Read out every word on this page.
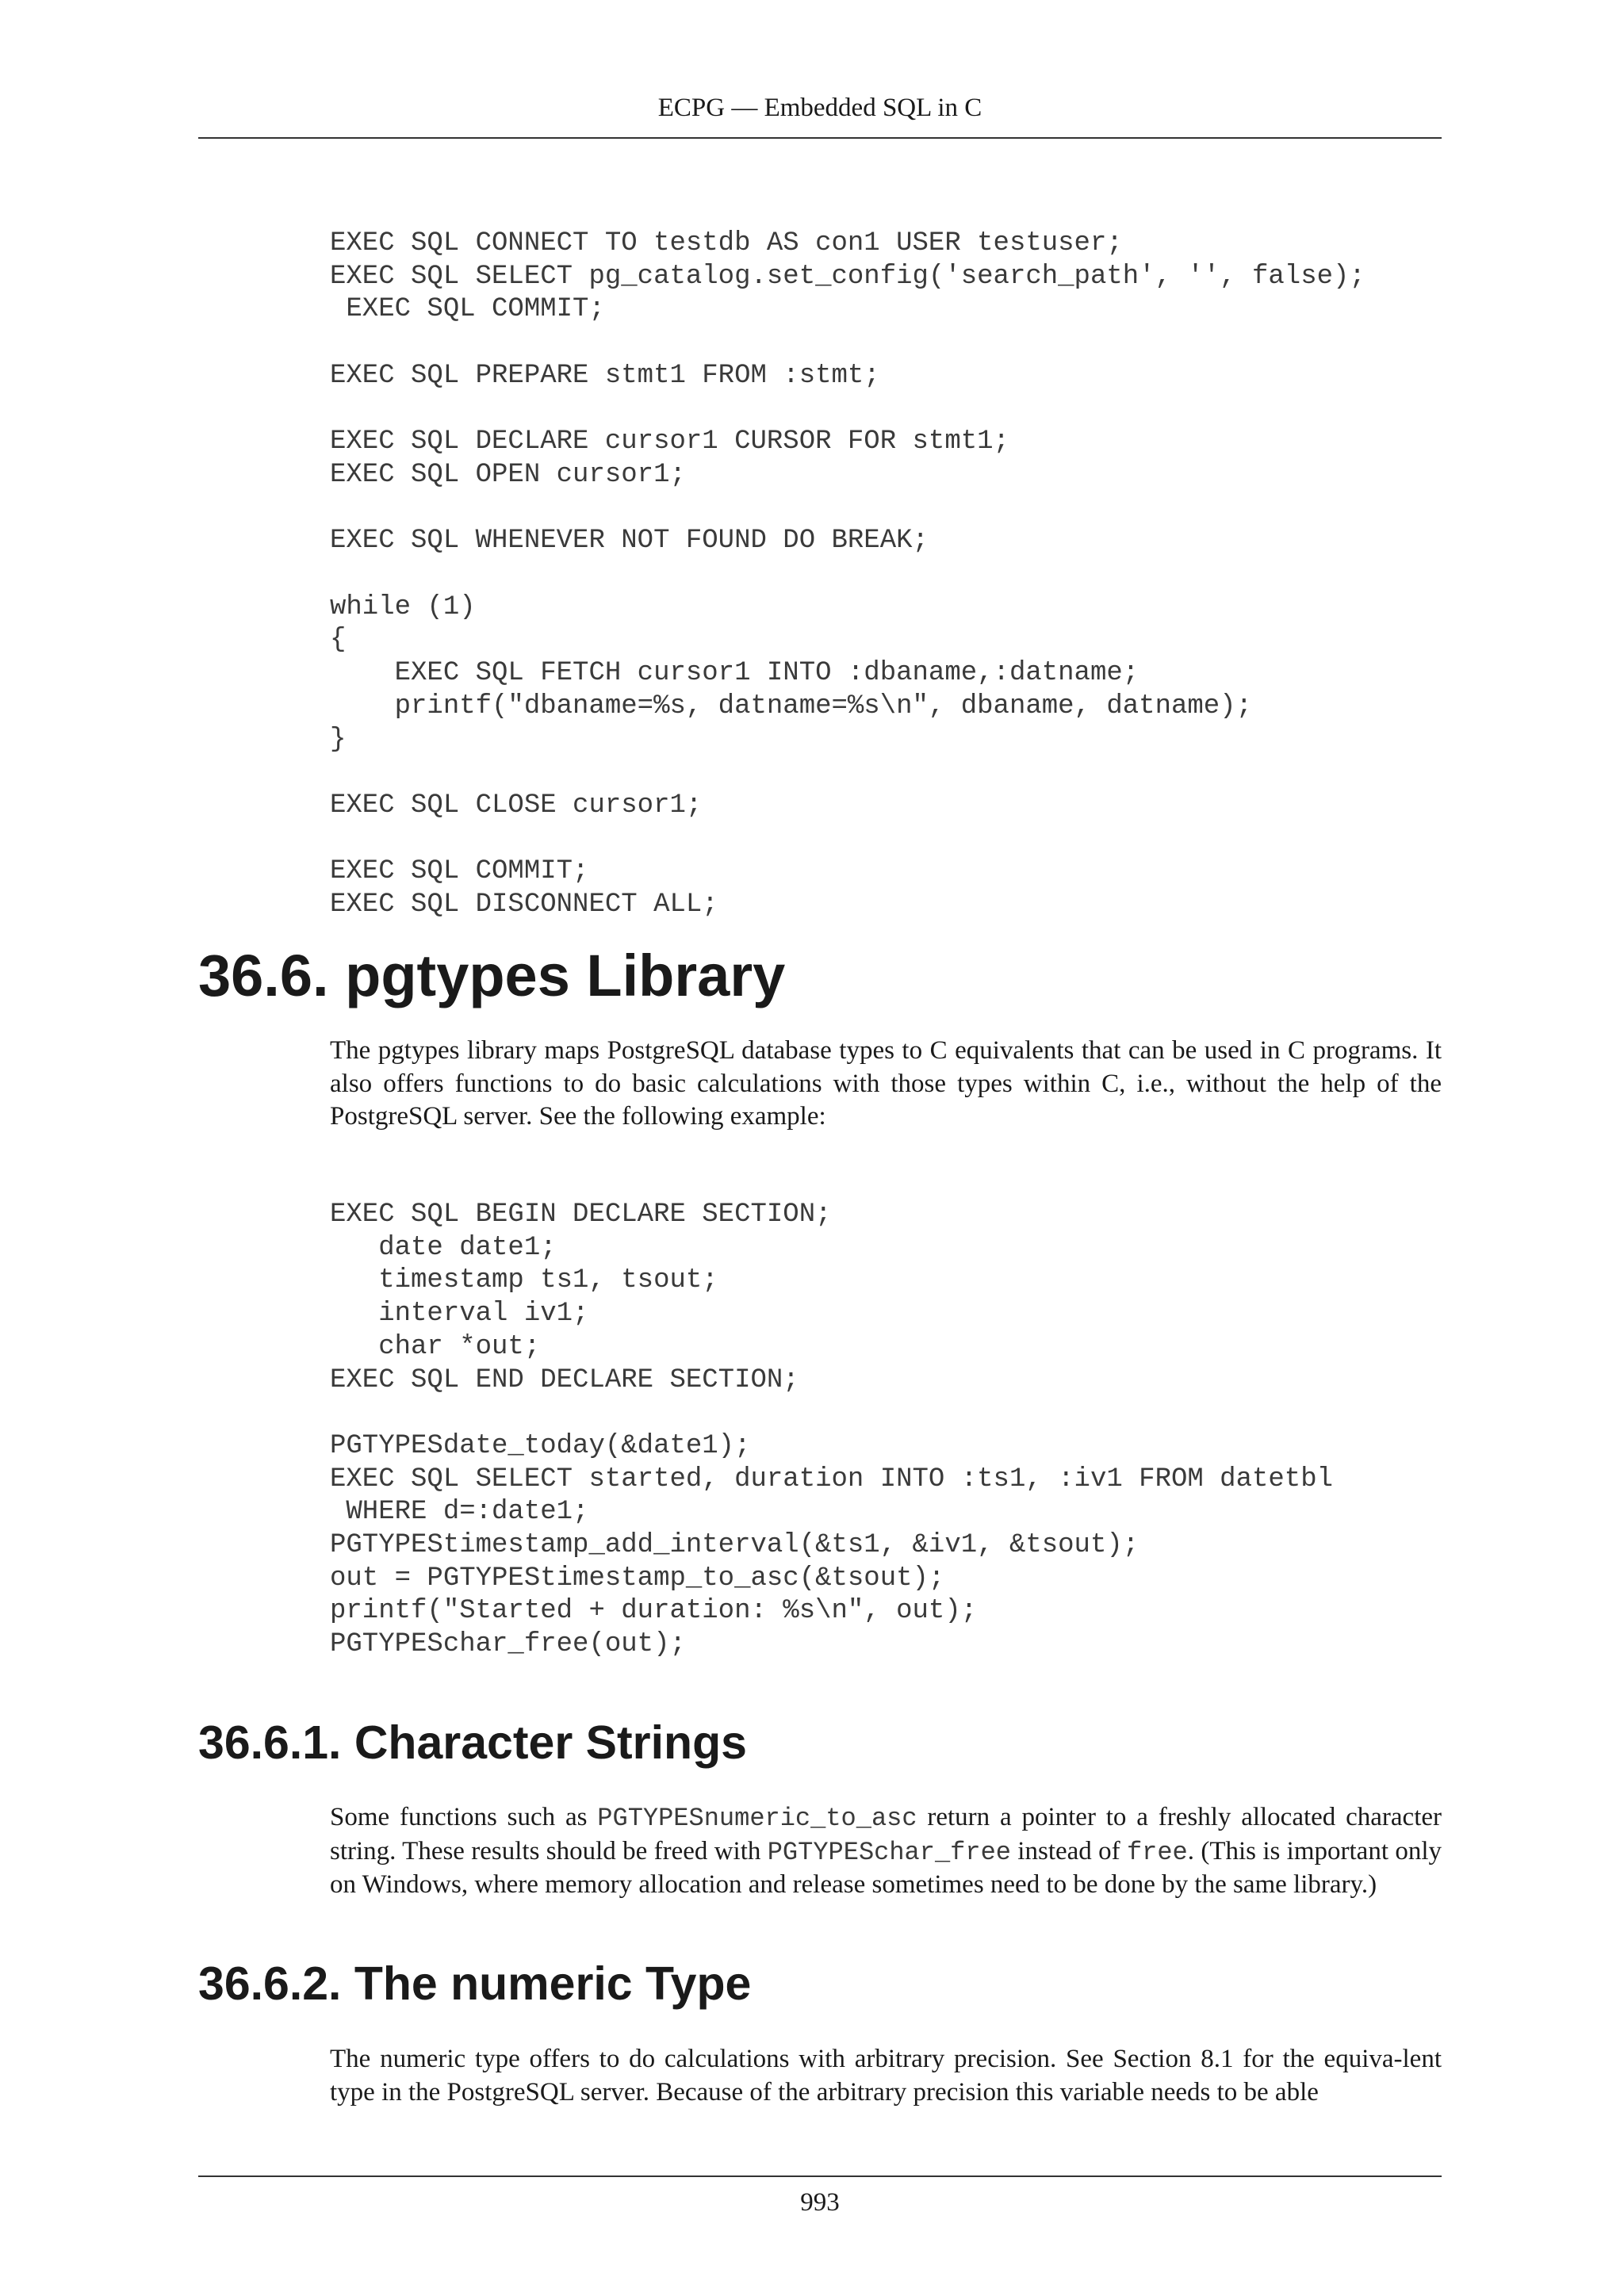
ECPG — Embedded SQL in C
EXEC SQL CONNECT TO testdb AS con1 USER testuser;
EXEC SQL SELECT pg_catalog.set_config('search_path', '', false);
EXEC SQL COMMIT;

EXEC SQL PREPARE stmt1 FROM :stmt;

EXEC SQL DECLARE cursor1 CURSOR FOR stmt1;
EXEC SQL OPEN cursor1;

EXEC SQL WHENEVER NOT FOUND DO BREAK;

while (1)
{
EXEC SQL FETCH cursor1 INTO :dbaname,:datname;
printf("dbaname=%s, datname=%s\n", dbaname, datname);
}

EXEC SQL CLOSE cursor1;

EXEC SQL COMMIT;
EXEC SQL DISCONNECT ALL;
36.6. pgtypes Library

The pgtypes library maps PostgreSQL database types to C equivalents that can be used in C programs. It also offers functions to do basic calculations with those types within C, i.e., without the help of the PostgreSQL server. See the following example:

EXEC SQL BEGIN DECLARE SECTION;
date date1;
timestamp ts1, tsout;
interval iv1;
char *out;
EXEC SQL END DECLARE SECTION;

PGTYPESdate_today(&date1);
EXEC SQL SELECT started, duration INTO :ts1, :iv1 FROM datetbl
WHERE d=:date1;
PGTYPEStimestamp_add_interval(&ts1, &iv1, &tsout);
out = PGTYPEStimestamp_to_asc(&tsout);
printf("Started + duration: %s\n", out);
PGTYPESchar_free(out);
36.6.1. Character Strings

Some functions such as PGTYPESnumeric_to_asc return a pointer to a freshly allocated character string. These results should be freed with PGTYPESchar_free instead of free. (This is important only on Windows, where memory allocation and release sometimes need to be done by the same library.)

36.6.2. The numeric Type

The numeric type offers to do calculations with arbitrary precision. See Section 8.1 for the equiva-lent type in the PostgreSQL server. Because of the arbitrary precision this variable needs to be able

993
